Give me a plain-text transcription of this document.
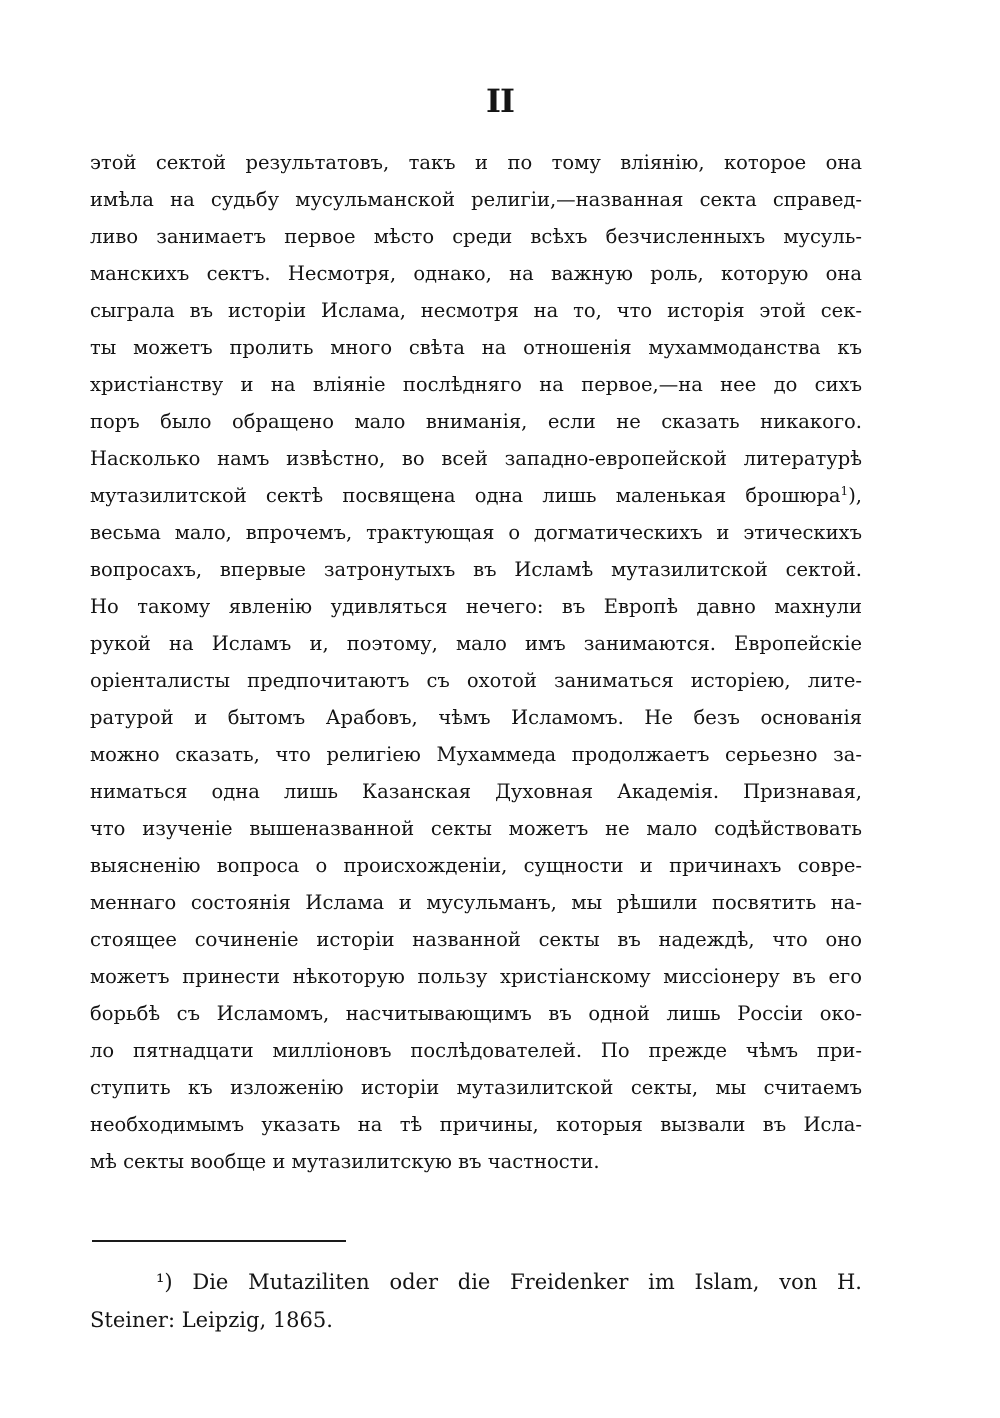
II
этой сектой результатовъ, такъ и по тому вліянію, которое она
имѣла на судьбу мусульманской религіи,—названная секта справед-
ливо занимаетъ первое мѣсто среди всѣхъ безчисленныхъ мусуль-
манскихъ сектъ. Несмотря, однако, на важную роль, которую она
сыграла въ исторіи Ислама, несмотря на то, что исторія этой сек-
ты можетъ пролить много свѣта на отношенія мухаммоданства къ
христіанству и на вліяніе послѣдняго на первое,—на нее до сихъ
поръ было обращено мало вниманія, если не сказать никакого.
Насколько намъ извѣстно, во всей западно-европейской литературѣ
мутазилитской сектѣ посвящена одна лишь маленькая брошюра$^1$),
весьма мало, впрочемъ, трактующая о догматическихъ и этическихъ
вопросахъ, впервые затронутыхъ въ Исламѣ мутазилитской сектой.
Но такому явленію удивляться нечего: въ Европѣ давно махнули
рукой на Исламъ и, поэтому, мало имъ занимаются. Европейскіе
оріенталисты предпочитаютъ съ охотой заниматься исторіею, лите-
ратурой и бытомъ Арабовъ, чѣмъ Исламомъ. Не безъ основанія
можно сказать, что религіею Мухаммеда продолжаетъ серьезно за-
ниматься одна лишь Казанская Духовная Академія. Признавая,
что изученіе вышеназванной секты можетъ не мало содѣйствовать
выясненію вопроса о происхожденіи, сущности и причинахъ совре-
меннаго состоянія Ислама и мусульманъ, мы рѣшили посвятить на-
стоящее сочиненіе исторіи названной секты въ надеждѣ, что оно
можетъ принести нѣкоторую пользу христіанскому миссіонеру въ его
борьбѣ съ Исламомъ, насчитывающимъ въ одной лишь Россіи око-
ло пятнадцати милліоновъ послѣдователей. По прежде чѣмъ при-
ступить къ изложенію исторіи мутазилитской секты, мы считаемъ
необходимымъ указать на тѣ причины, которыя вызвали въ Исла-
мѣ секты вообще и мутазилитскую въ частности.
¹) Die Mutaziliten oder die Freidenker im Islam, von H.
Steiner: Leipzig, 1865.
